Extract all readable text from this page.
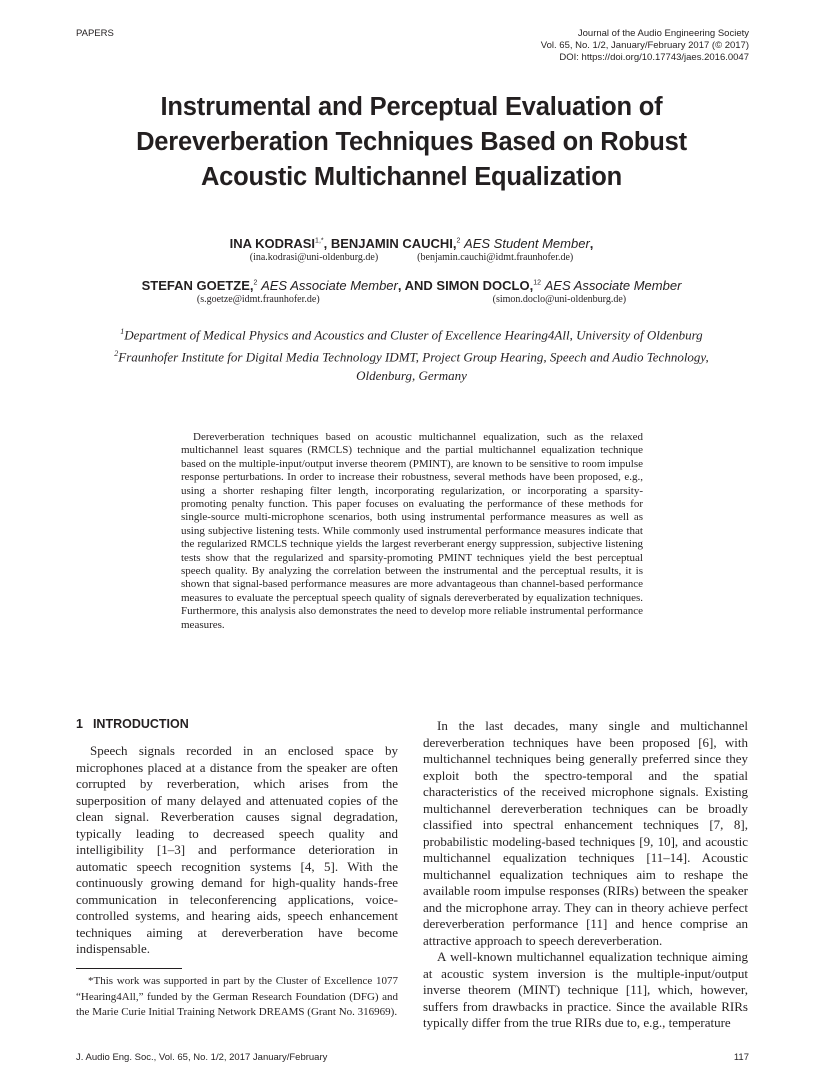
PAPERS	Journal of the Audio Engineering Society
Vol. 65, No. 1/2, January/February 2017 (© 2017)
DOI: https://doi.org/10.17743/jaes.2016.0047
Instrumental and Perceptual Evaluation of
Dereverberation Techniques Based on Robust
Acoustic Multichannel Equalization
INA $KODRASI^{1,*}$, BENJAMIN CAUCHI,$^2$ AES Student Member,
(ina.kodrasi@uni-oldenburg.de)	(benjamin.cauchi@idmt.fraunhofer.de)
STEFAN GOETZE,$^2$ AES Associate Member, AND SIMON DOCLO,$^{12}$ AES Associate Member
(s.goetze@idmt.fraunhofer.de)	(simon.doclo@uni-oldenburg.de)
$^1$Department of Medical Physics and Acoustics and Cluster of Excellence Hearing4All, University of Oldenburg
$^2$Fraunhofer Institute for Digital Media Technology IDMT, Project Group Hearing, Speech and Audio Technology,
Oldenburg, Germany
Dereverberation techniques based on acoustic multichannel equalization, such as the relaxed multichannel least squares (RMCLS) technique and the partial multichannel equalization technique based on the multiple-input/output inverse theorem (PMINT), are known to be sensitive to room impulse response perturbations. In order to increase their robustness, several methods have been proposed, e.g., using a shorter reshaping filter length, incorporating regularization, or incorporating a sparsity-promoting penalty function. This paper focuses on evaluating the performance of these methods for single-source multi-microphone scenarios, both using instrumental performance measures as well as using subjective listening tests. While commonly used instrumental performance measures indicate that the regularized RMCLS technique yields the largest reverberant energy suppression, subjective listening tests show that the regularized and sparsity-promoting PMINT techniques yield the best perceptual speech quality. By analyzing the correlation between the instrumental and the perceptual results, it is shown that signal-based performance measures are more advantageous than channel-based performance measures to evaluate the perceptual speech quality of signals dereverberated by equalization techniques. Furthermore, this analysis also demonstrates the need to develop more reliable instrumental performance measures.
1 INTRODUCTION

Speech signals recorded in an enclosed space by microphones placed at a distance from the speaker are often corrupted by reverberation, which arises from the superposition of many delayed and attenuated copies of the clean signal. Reverberation causes signal degradation, typically leading to decreased speech quality and intelligibility [1–3] and performance deterioration in automatic speech recognition systems [4, 5]. With the continuously growing demand for high-quality hands-free communication in teleconferencing applications, voice-controlled systems, and hearing aids, speech enhancement techniques aiming at dereverberation have become indispensable.

In the last decades, many single and multichannel dereverberation techniques have been proposed [6], with multichannel techniques being generally preferred since they exploit both the spectro-temporal and the spatial characteristics of the received microphone signals. Existing multichannel dereverberation techniques can be broadly classified into spectral enhancement techniques [7, 8], probabilistic modeling-based techniques [9, 10], and acoustic multichannel equalization techniques [11–14]. Acoustic multichannel equalization techniques aim to reshape the available room impulse responses (RIRs) between the speaker and the microphone array. They can in theory achieve perfect dereverberation performance [11] and hence comprise an attractive approach to speech dereverberation.

A well-known multichannel equalization technique aiming at acoustic system inversion is the multiple-input/output inverse theorem (MINT) technique [11], which, however, suffers from drawbacks in practice. Since the available RIRs typically differ from the true RIRs due to, e.g., temperature

*This work was supported in part by the Cluster of Excellence 1077 “Hearing4All,” funded by the German Research Foundation (DFG) and the Marie Curie Initial Training Network DREAMS (Grant No. 316969).
J. Audio Eng. Soc., Vol. 65, No. 1/2, 2017 January/February	117
